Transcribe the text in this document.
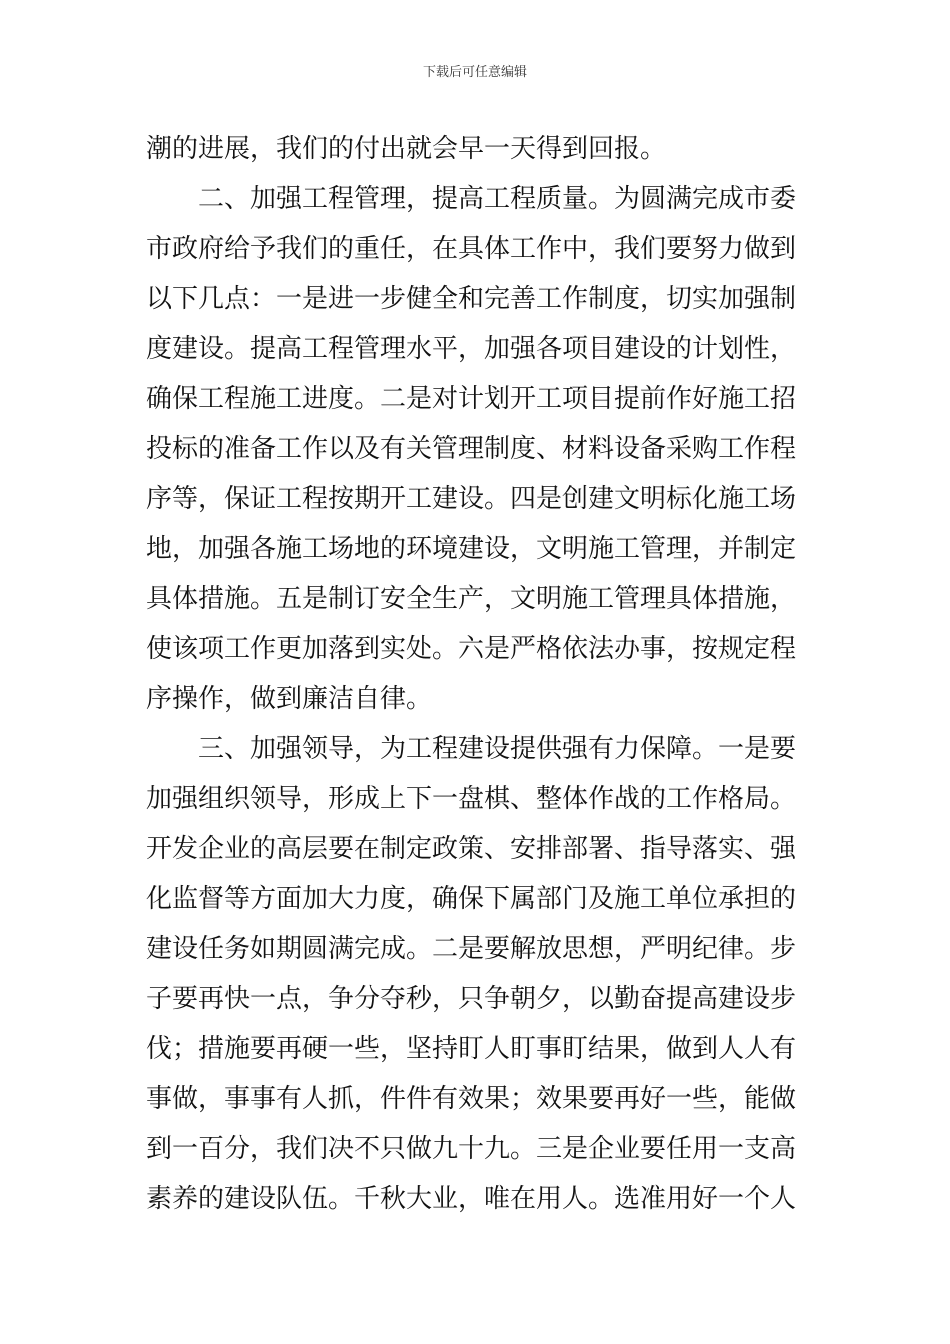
下载后可任意编辑
潮的进展，我们的付出就会早一天得到回报。
二、加强工程管理，提高工程质量。为圆满完成市委
市政府给予我们的重任，在具体工作中，我们要努力做到
以下几点：一是进一步健全和完善工作制度，切实加强制
度建设。提高工程管理水平，加强各项目建设的计划性，
确保工程施工进度。二是对计划开工项目提前作好施工招
投标的准备工作以及有关管理制度、材料设备采购工作程
序等，保证工程按期开工建设。四是创建文明标化施工场
地，加强各施工场地的环境建设，文明施工管理，并制定
具体措施。五是制订安全生产，文明施工管理具体措施，
使该项工作更加落到实处。六是严格依法办事，按规定程
序操作，做到廉洁自律。
三、加强领导，为工程建设提供强有力保障。一是要
加强组织领导，形成上下一盘棋、整体作战的工作格局。
开发企业的高层要在制定政策、安排部署、指导落实、强
化监督等方面加大力度，确保下属部门及施工单位承担的
建设任务如期圆满完成。二是要解放思想，严明纪律。步
子要再快一点，争分夺秒，只争朝夕，以勤奋提高建设步
伐；措施要再硬一些，坚持盯人盯事盯结果，做到人人有
事做，事事有人抓，件件有效果；效果要再好一些，能做
到一百分，我们决不只做九十九。三是企业要任用一支高
素养的建设队伍。千秋大业，唯在用人。选准用好一个人
